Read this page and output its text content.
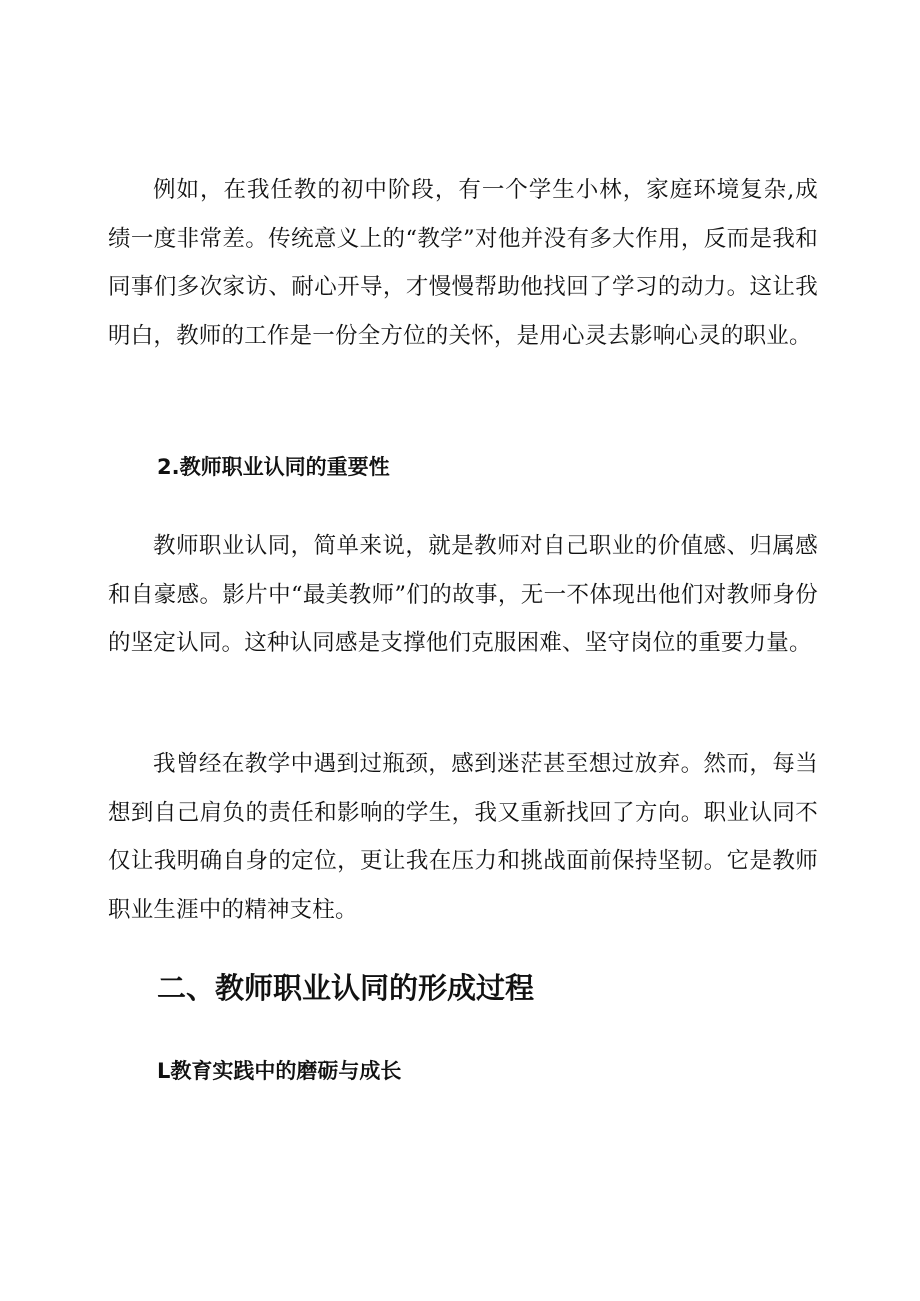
例如，在我任教的初中阶段，有一个学生小林，家庭环境复杂,成绩一度非常差。传统意义上的“教学”对他并没有多大作用，反而是我和同事们多次家访、耐心开导，才慢慢帮助他找回了学习的动力。这让我明白，教师的工作是一份全方位的关怀，是用心灵去影响心灵的职业。

2.教师职业认同的重要性

教师职业认同，简单来说，就是教师对自己职业的价值感、归属感和自豪感。影片中“最美教师”们的故事，无一不体现出他们对教师身份的坚定认同。这种认同感是支撑他们克服困难、坚守岗位的重要力量。

我曾经在教学中遇到过瓶颈，感到迷茫甚至想过放弃。然而，每当想到自己肩负的责任和影响的学生，我又重新找回了方向。职业认同不仅让我明确自身的定位，更让我在压力和挑战面前保持坚韧。它是教师职业生涯中的精神支柱。

二、教师职业认同的形成过程
L教育实践中的磨砺与成长
